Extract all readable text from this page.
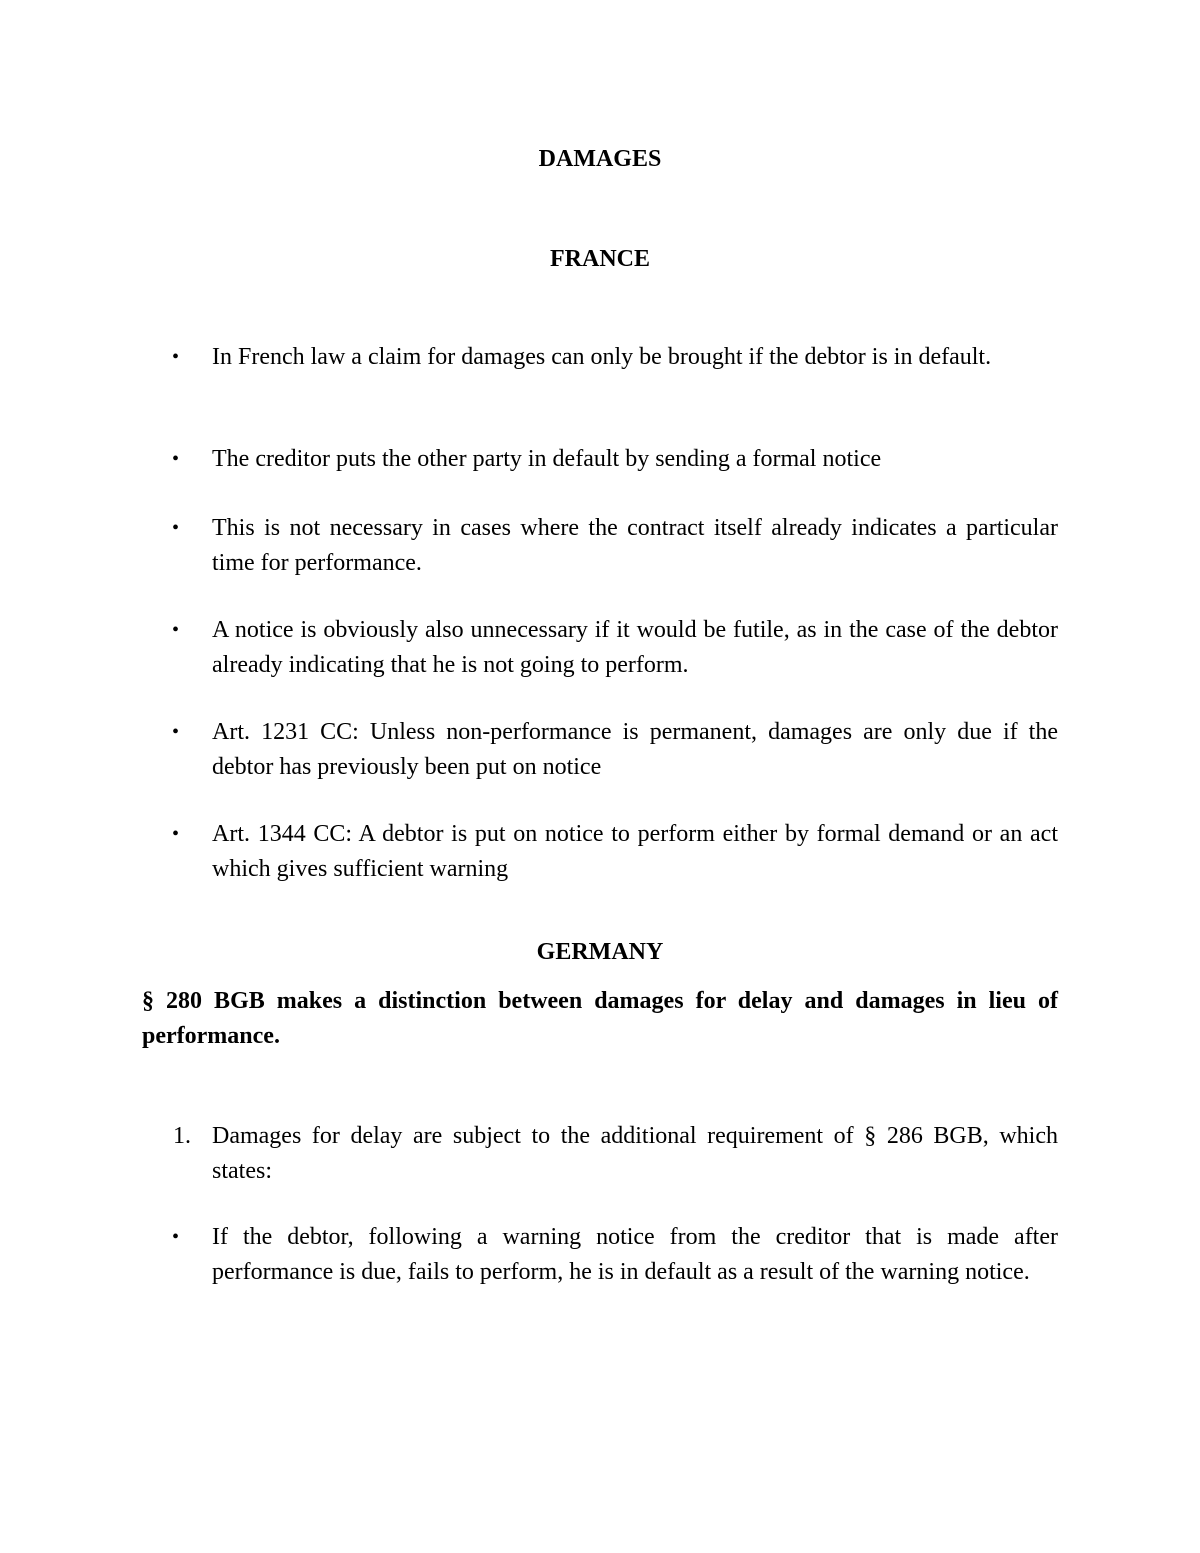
DAMAGES
FRANCE
• In French law a claim for damages can only be brought if the debtor is in default.
• The creditor puts the other party in default by sending a formal notice
• This is not necessary in cases where the contract itself already indicates a particular time for performance.
• A notice is obviously also unnecessary if it would be futile, as in the case of the debtor already indicating that he is not going to perform.
• Art. 1231 CC: Unless non-performance is permanent, damages are only due if the debtor has previously been put on notice
• Art. 1344 CC: A debtor is put on notice to perform either by formal demand or an act which gives sufficient warning
GERMANY
§ 280 BGB makes a distinction between damages for delay and damages in lieu of performance.
1. Damages for delay are subject to the additional requirement of § 286 BGB, which states:
• If the debtor, following a warning notice from the creditor that is made after performance is due, fails to perform, he is in default as a result of the warning notice.
